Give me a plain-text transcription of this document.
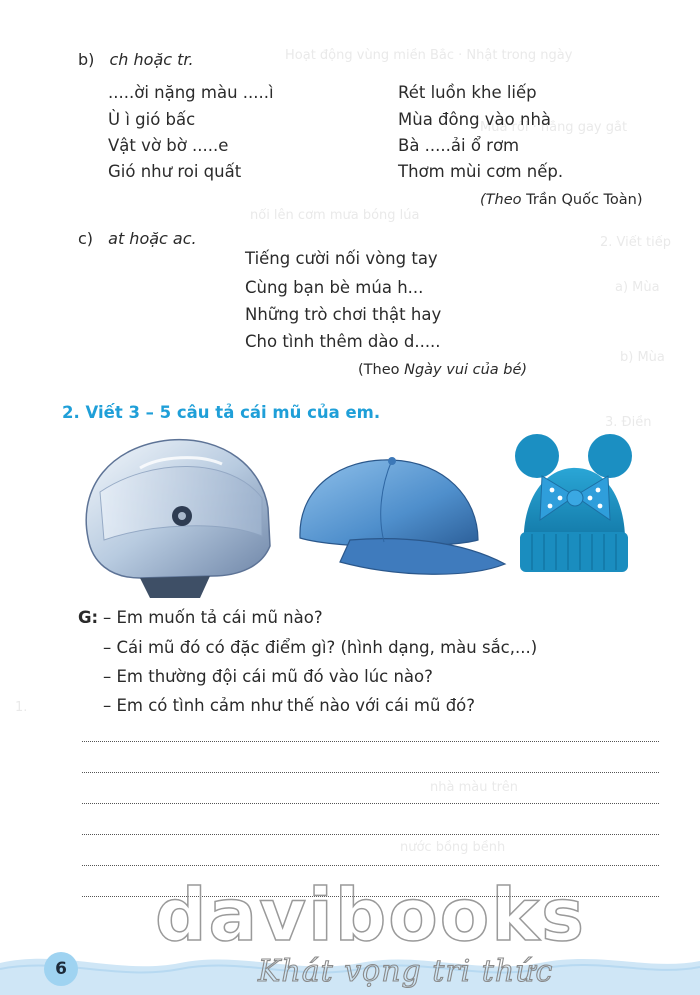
Hoạt động vùng miền Bắc · Nhật trong ngày
Mùa rồi · nắng gay gắt
nổi lên cơm mưa bóng lúa
2. Viết tiếp
a) Mùa
b) Mùa
3. Điền
1.
nhà màu trên
nước bồng bềnh
b) ch hoặc tr.
.....ời nặng màu .....ì
Ù ì gió bấc
Vật vờ bờ .....e
Gió như roi quất
Rét luồn khe liếp
Mùa đông vào nhà
Bà .....ải ổ rơm
Thơm mùi cơm nếp.
(Theo Trần Quốc Toàn)
c) at hoặc ac.
Tiếng cười nối vòng tay
Cùng bạn bè múa h...
Những trò chơi thật hay
Cho tình thêm dào d.....
(Theo Ngày vui của bé)
2. Viết 3 – 5 câu tả cái mũ của em.
G: – Em muốn tả cái mũ nào?
– Cái mũ đó có đặc điểm gì? (hình dạng, màu sắc,...)
– Em thường đội cái mũ đó vào lúc nào?
– Em có tình cảm như thế nào với cái mũ đó?
6
davibooks
Khát vọng tri thức
